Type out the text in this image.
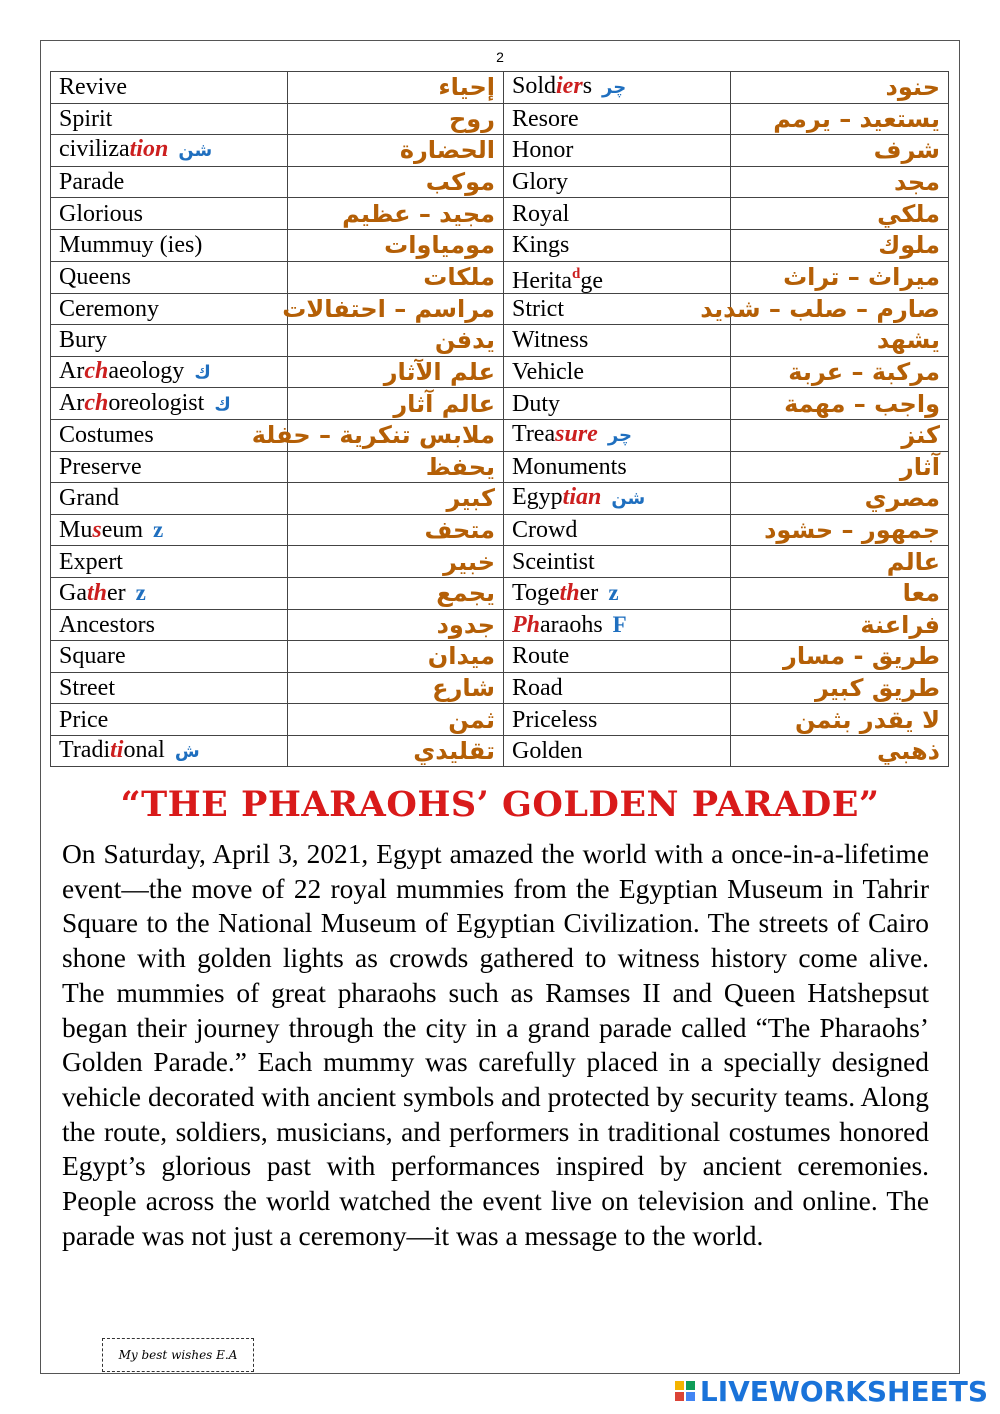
2
Revive	إحياء	Soldiers چر	حنود
Spirit	روح	Resore	يستعيد – يرمم
civilization شن	الحضارة	Honor	شرف
Parade	موكب	Glory	مجد
Glorious	مجيد – عظيم	Royal	ملكي
Mummuy (ies)	مومياوات	Kings	ملوك
Queens	ملكات	Herita$^d$ge	ميراث – تراث
Ceremony	مراسم – احتفالات	Strict	صارم – صلب – شديد
Bury	يدفن	Witness	يشهد
Archaeology ك	علم الآثار	Vehicle	مركبة – عربة
Archoreologist ك	عالم آثار	Duty	واجب – مهمة
Costumes	ملابس تنكرية – حفلة	Treasure چر	كنز
Preserve	يحفظ	Monuments	آثار
Grand	كبير	Egyptian شن	مصري
Museum z	متحف	Crowd	جمهور – حشود
Expert	خبير	Sceintist	عالم
Gather z	يجمع	Together z	معا
Ancestors	جدود	Pharaohs F	فراعنة
Square	ميدان	Route	طريق - مسار
Street	شارع	Road	طريق كبير
Price	ثمن	Priceless	لا يقدر بثمن
Traditional ش	تقليدي	Golden	ذهبي
“THE PHARAOHS’ GOLDEN PARADE”

On Saturday, April 3, 2021, Egypt amazed the world with a once-in-a-lifetime event—the move of 22 royal mummies from the Egyptian Museum in Tahrir Square to the National Museum of Egyptian Civilization. The streets of Cairo shone with golden lights as crowds gathered to witness history come alive. The mummies of great pharaohs such as Ramses II and Queen Hatshepsut began their journey through the city in a grand parade called “The Pharaohs’ Golden Parade.” Each mummy was carefully placed in a specially designed vehicle decorated with ancient symbols and protected by security teams. Along the route, soldiers, musicians, and performers in traditional costumes honored Egypt’s glorious past with performances inspired by ancient ceremonies. People across the world watched the event live on television and online. The parade was not just a ceremony—it was a message to the world.

My best wishes E.A
LIVEWORKSHEETS
